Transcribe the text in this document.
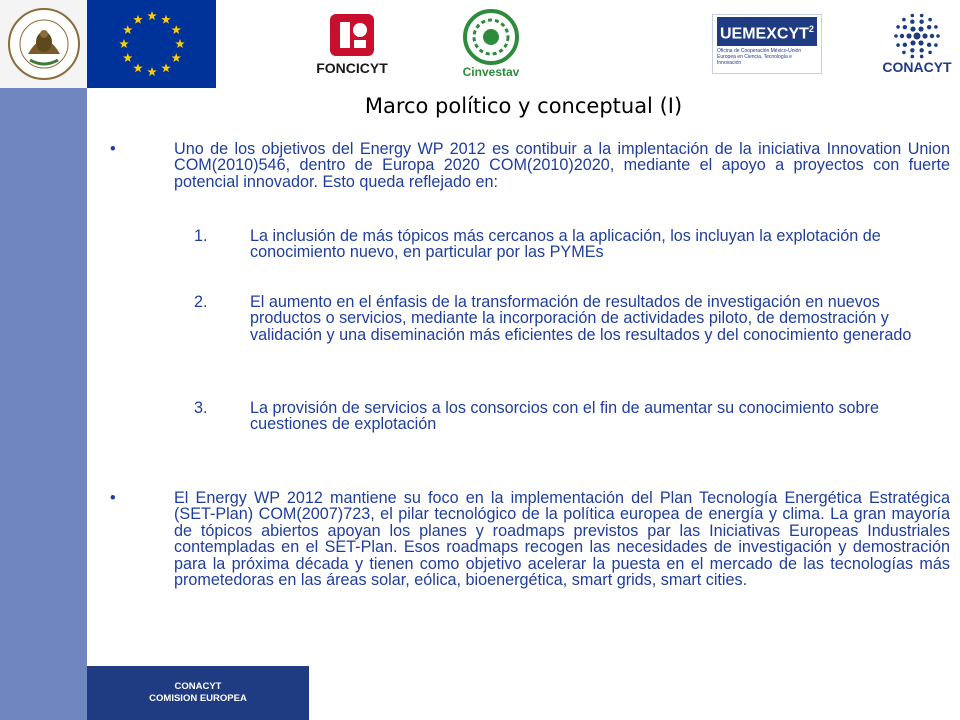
FONCICYT	Cinvestav
UEMEXCYT$^2$
Oficina de Cooperación México-Unión Europea en Ciencia, Tecnología e Innovación	CONACYT
Marco político y conceptual (I)
•	Uno de los objetivos del Energy WP 2012 es contibuir a la implentación de la iniciativa Innovation Union COM(2010)546, dentro de Europa 2020 COM(2010)2020, mediante el apoyo a proyectos con fuerte potencial innovador. Esto queda reflejado en:
1.	La inclusión de más tópicos más cercanos a la aplicación, los incluyan la explotación de conocimiento nuevo, en particular por las PYMEs
2.	El aumento en el énfasis de la transformación de resultados de investigación en nuevos productos o servicios, mediante la incorporación de actividades piloto, de demostración y validación y una diseminación más eficientes de los resultados y del conocimiento generado
3.	La provisión de servicios a los consorcios con el fin de aumentar su conocimiento sobre cuestiones de explotación
•	El Energy WP 2012 mantiene su foco en la implementación del Plan Tecnología Energética Estratégica (SET-Plan) COM(2007)723, el pilar tecnológico de la política europea de energía y clima. La gran mayoría de tópicos abiertos apoyan los planes y roadmaps previstos par las Iniciativas Europeas Industriales contempladas en el SET-Plan. Esos roadmaps recogen las necesidades de investigación y demostración para la próxima década y tienen como objetivo acelerar la puesta en el mercado de las tecnologías más prometedoras en las áreas solar, eólica, bioenergética, smart grids, smart cities.
CONACYT
COMISION EUROPEA
